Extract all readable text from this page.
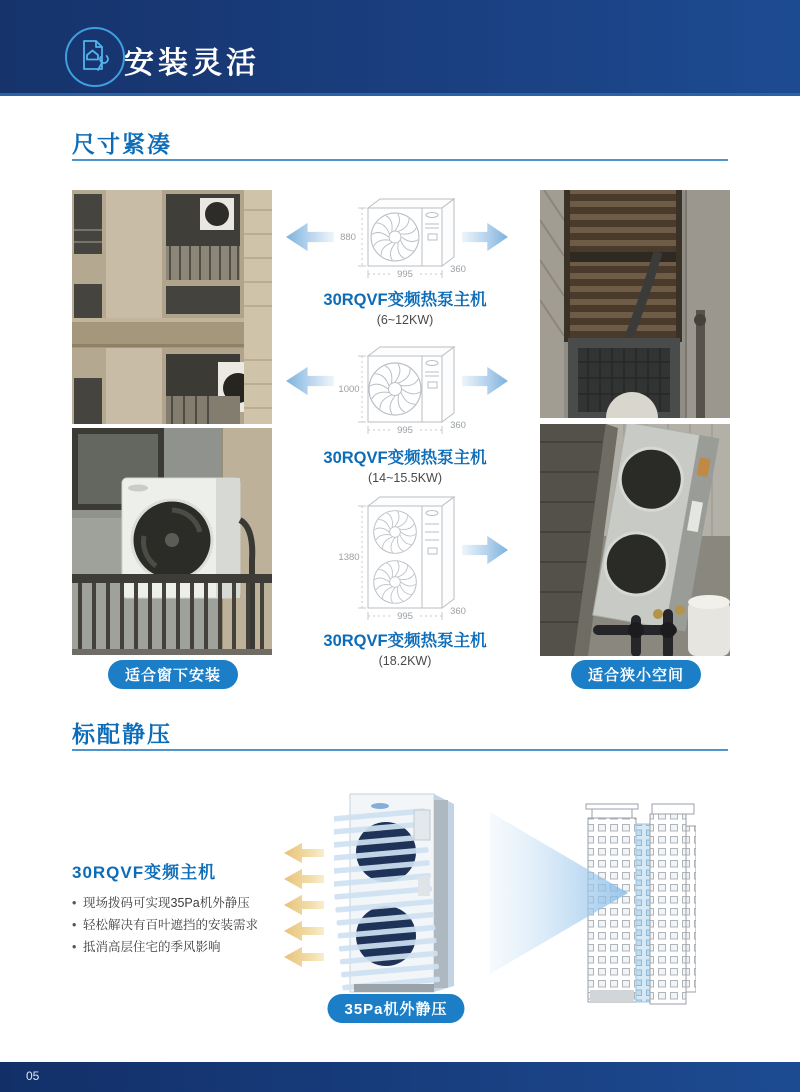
安装灵活
尺寸紧凑
880
995	360
30RQVF变频热泵主机
(6~12KW)
1000
995	360
30RQVF变频热泵主机
(14~15.5KW)
1380
995	360
30RQVF变频热泵主机
(18.2KW)
适合窗下安装	适合狭小空间
标配静压
30RQVF变频主机
• 现场拨码可实现35Pa机外静压
• 轻松解决有百叶遮挡的安装需求
• 抵消高层住宅的季风影响
35Pa机外静压
05
